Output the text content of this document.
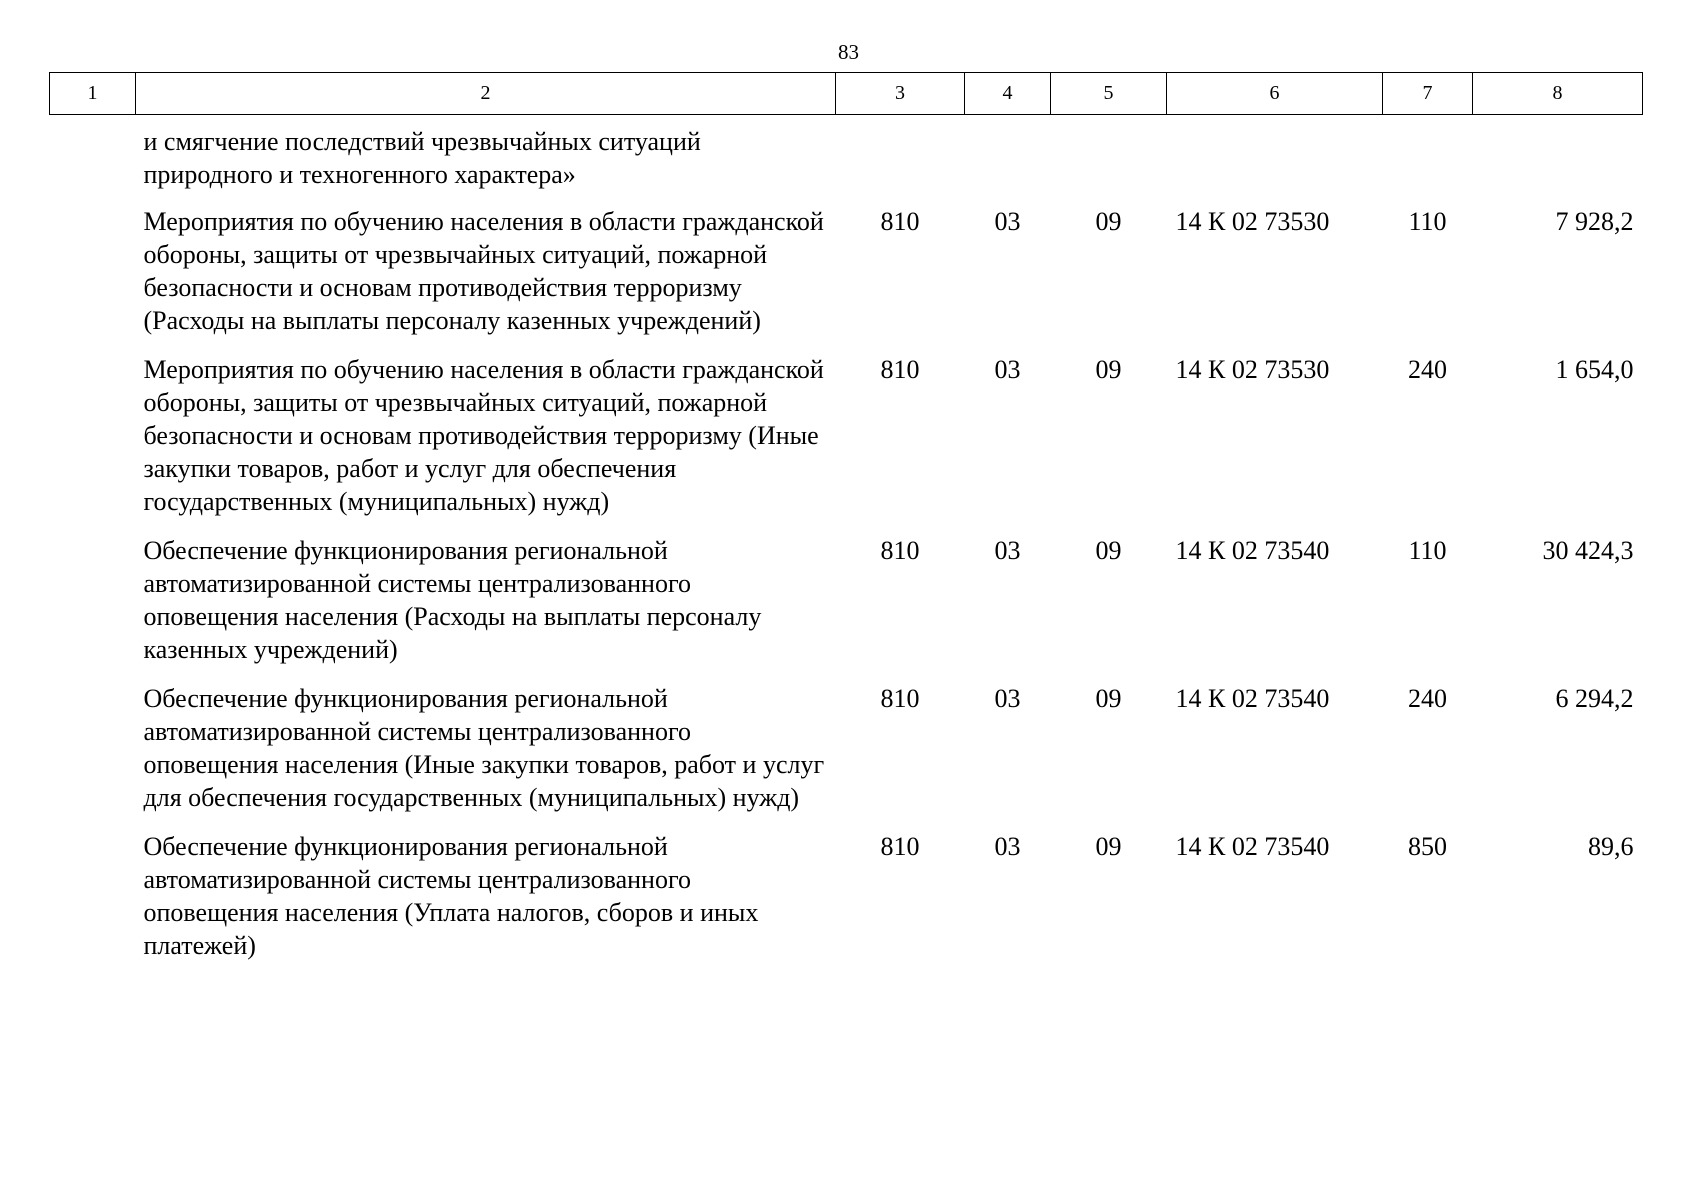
83
1	2	3	4	5	6	7	8
	и смягчение последствий чрезвычайных ситуаций природного и техногенного характера»						
	Мероприятия по обучению населения в области гражданской обороны, защиты от чрезвычайных ситуаций, пожарной безопасности и основам противодействия терроризму (Расходы на выплаты персоналу казенных учреждений)	810	03	09	14 К 02 73530	110	7 928,2
	Мероприятия по обучению населения в области гражданской обороны, защиты от чрезвычайных ситуаций, пожарной безопасности и основам противодействия терроризму (Иные закупки товаров, работ и услуг для обеспечения государственных (муниципальных) нужд)	810	03	09	14 К 02 73530	240	1 654,0
	Обеспечение функционирования региональной автоматизированной системы централизованного оповещения населения (Расходы на выплаты персоналу казенных учреждений)	810	03	09	14 К 02 73540	110	30 424,3
	Обеспечение функционирования региональной автоматизированной системы централизованного оповещения населения (Иные закупки товаров, работ и услуг для обеспечения государственных (муниципальных) нужд)	810	03	09	14 К 02 73540	240	6 294,2
	Обеспечение функционирования региональной автоматизированной системы централизованного оповещения населения (Уплата налогов, сборов и иных платежей)	810	03	09	14 К 02 73540	850	89,6
